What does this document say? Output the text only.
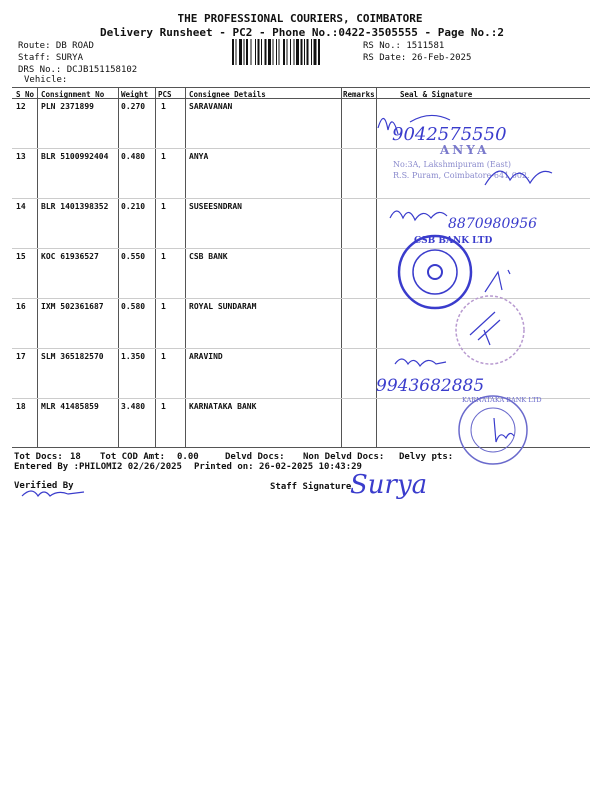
THE PROFESSIONAL COURIERS, COIMBATORE
Delivery Runsheet - PC2 - Phone No.:0422-3505555 - Page No.:2
Route: DB ROAD
Staff: SURYA
DRS No.: DCJB151158102
Vehicle:
RS No.: 1511581
RS Date: 26-Feb-2025
S No Consignment No Weight PCS Consignee Details	Remarks	Seal & Signature
12 PLN 2371899	0.270 1	SARAVANAN
13 BLR 5100992404 0.480 1	ANYA
14 BLR 1401398352 0.210 1	SUSEESNDRAN
15 KOC 61936527	0.550 1	CSB BANK
16 IXM 502361687 0.580 1	ROYAL SUNDARAM
17 SLM 365182570 1.350 1	ARAVIND
18 MLR 41485859	3.480 1	KARNATAKA BANK
9042575550
ANYA
No:3A, Lakshmipuram (East)
R.S. Puram, Coimbatore-641 002.
8870980956
CSB BANK LTD
9943682885
KARNATAKA BANK LTD
Tot Docs: 18 Tot COD Amt: 0.00	Delvd Docs: Non Delvd Docs: Delvy pts:
Entered By :PHILOMI2 02/26/2025 Printed on: 26-02-2025 10:43:29
Verified By	Staff Signature
Surya
